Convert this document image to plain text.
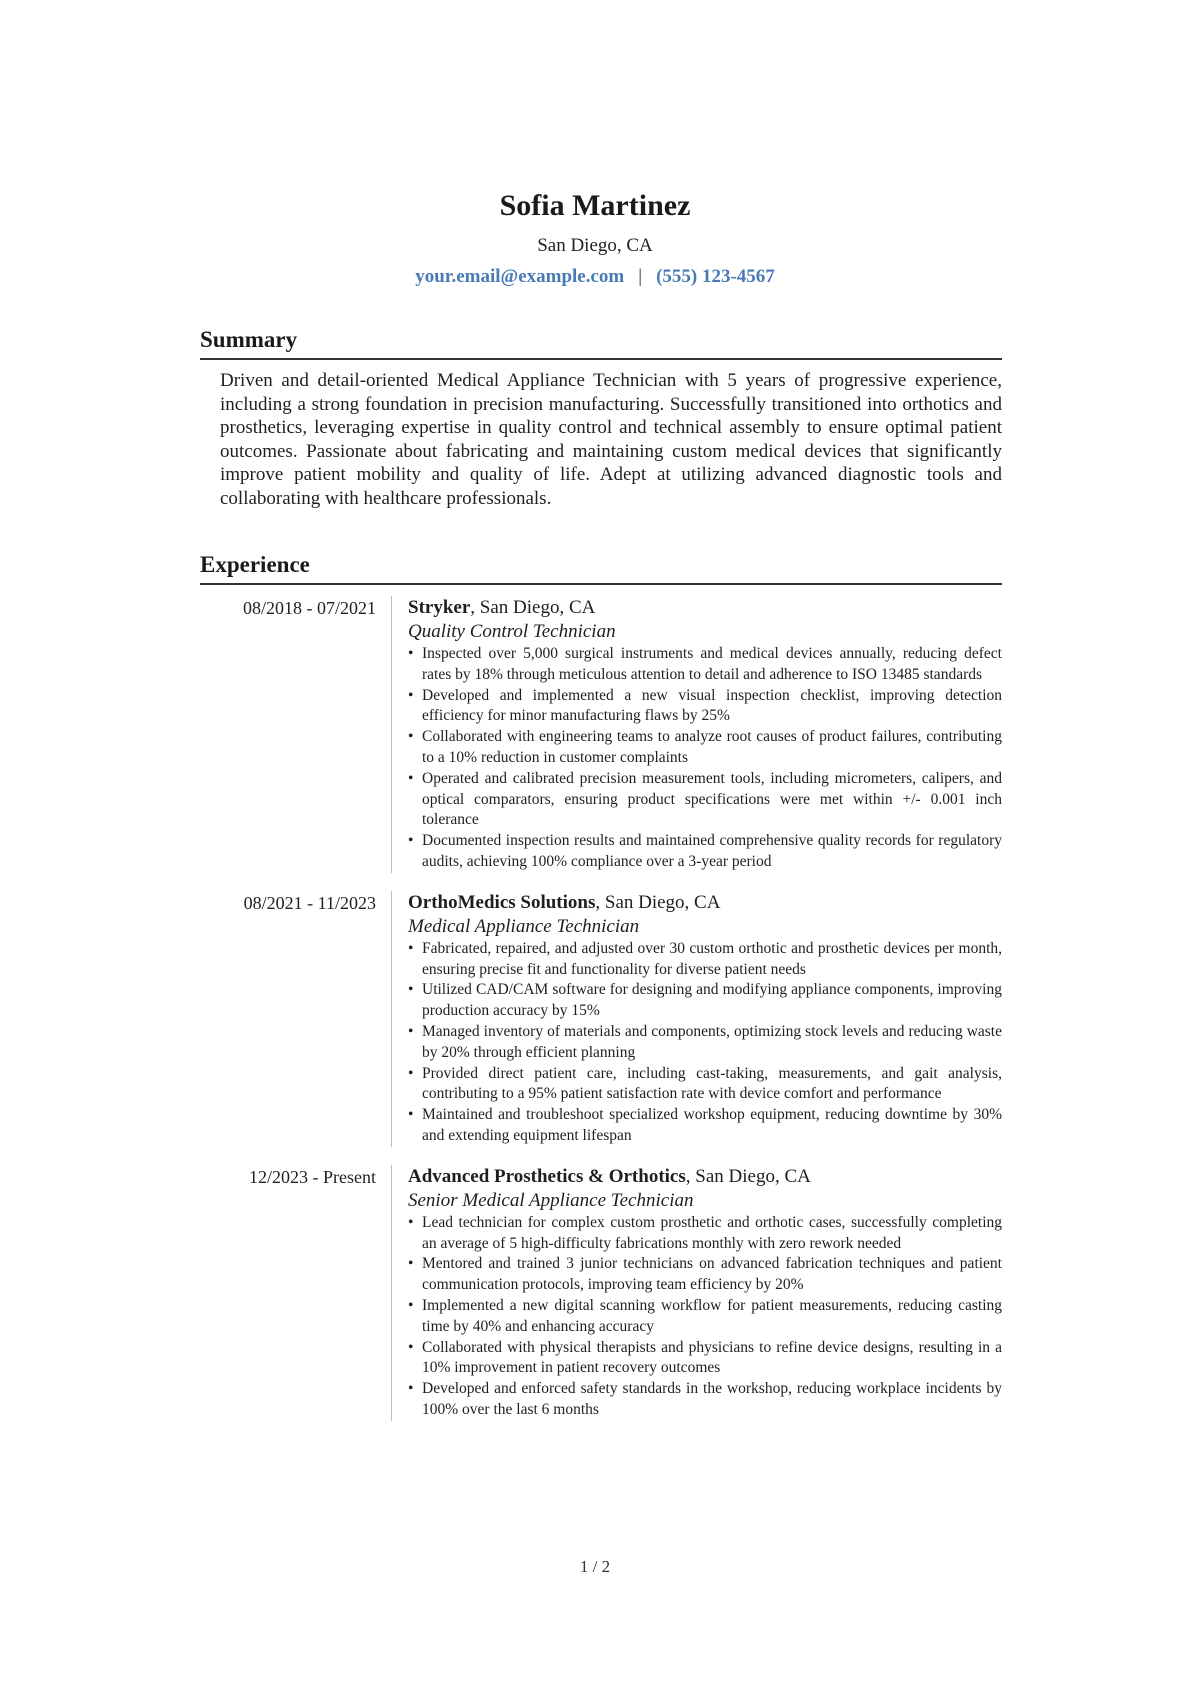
Sofia Martinez
San Diego, CA
your.email@example.com | (555) 123-4567
Summary
Driven and detail-oriented Medical Appliance Technician with 5 years of progressive experience, including a strong foundation in precision manufacturing. Successfully transitioned into orthotics and prosthetics, leveraging expertise in quality control and technical assembly to ensure optimal patient outcomes. Passionate about fabricating and maintaining custom medical devices that significantly improve patient mobility and quality of life. Adept at utilizing advanced diagnostic tools and collaborating with healthcare professionals.
Experience
08/2018 - 07/2021 Stryker, San Diego, CA
Quality Control Technician
• Inspected over 5,000 surgical instruments and medical devices annually, reducing defect rates by 18% through meticulous attention to detail and adherence to ISO 13485 standards
• Developed and implemented a new visual inspection checklist, improving detection efficiency for minor manufacturing flaws by 25%
• Collaborated with engineering teams to analyze root causes of product failures, contributing to a 10% reduction in customer complaints
• Operated and calibrated precision measurement tools, including micrometers, calipers, and optical comparators, ensuring product specifications were met within +/- 0.001 inch tolerance
• Documented inspection results and maintained comprehensive quality records for regulatory audits, achieving 100% compliance over a 3-year period
08/2021 - 11/2023 OrthoMedics Solutions, San Diego, CA
Medical Appliance Technician
• Fabricated, repaired, and adjusted over 30 custom orthotic and prosthetic devices per month, ensuring precise fit and functionality for diverse patient needs
• Utilized CAD/CAM software for designing and modifying appliance components, improving production accuracy by 15%
• Managed inventory of materials and components, optimizing stock levels and reducing waste by 20% through efficient planning
• Provided direct patient care, including cast-taking, measurements, and gait analysis, contributing to a 95% patient satisfaction rate with device comfort and performance
• Maintained and troubleshoot specialized workshop equipment, reducing downtime by 30% and extending equipment lifespan
12/2023 - Present Advanced Prosthetics & Orthotics, San Diego, CA
Senior Medical Appliance Technician
• Lead technician for complex custom prosthetic and orthotic cases, successfully completing an average of 5 high-difficulty fabrications monthly with zero rework needed
• Mentored and trained 3 junior technicians on advanced fabrication techniques and patient communication protocols, improving team efficiency by 20%
• Implemented a new digital scanning workflow for patient measurements, reducing casting time by 40% and enhancing accuracy
• Collaborated with physical therapists and physicians to refine device designs, resulting in a 10% improvement in patient recovery outcomes
• Developed and enforced safety standards in the workshop, reducing workplace incidents by 100% over the last 6 months
1 / 2
